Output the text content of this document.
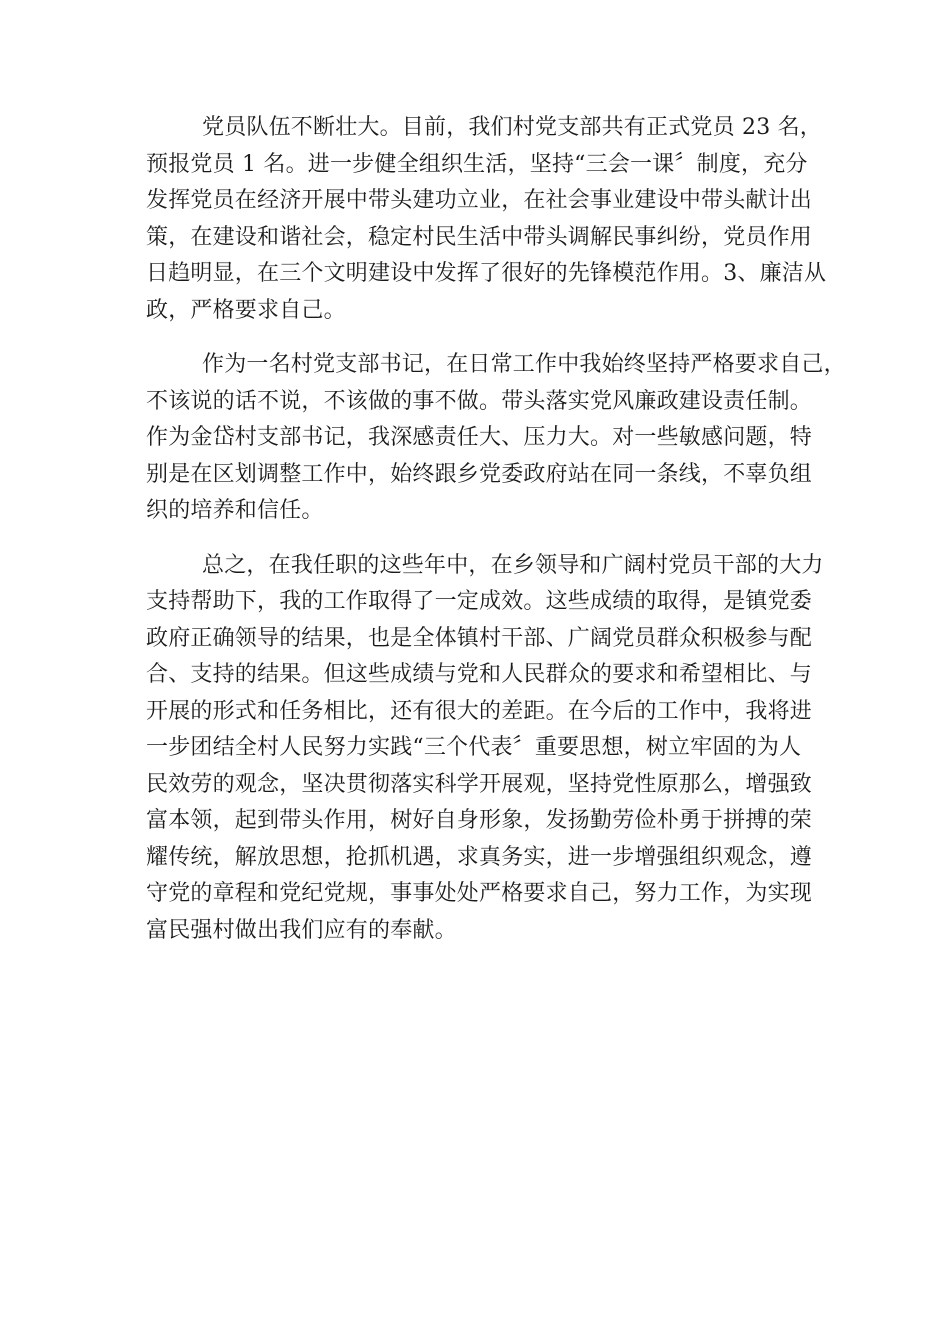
党员队伍不断壮大。目前，我们村党支部共有正式党员 23 名，
预报党员 1 名。进一步健全组织生活，坚持“三会一课〞制度，充分
发挥党员在经济开展中带头建功立业，在社会事业建设中带头献计出
策，在建设和谐社会，稳定村民生活中带头调解民事纠纷，党员作用
日趋明显，在三个文明建设中发挥了很好的先锋模范作用。3、廉洁从
政，严格要求自己。
作为一名村党支部书记，在日常工作中我始终坚持严格要求自己，
不该说的话不说，不该做的事不做。带头落实党风廉政建设责任制。
作为金岱村支部书记，我深感责任大、压力大。对一些敏感问题，特
别是在区划调整工作中，始终跟乡党委政府站在同一条线，不辜负组
织的培养和信任。
总之，在我任职的这些年中，在乡领导和广阔村党员干部的大力
支持帮助下，我的工作取得了一定成效。这些成绩的取得，是镇党委
政府正确领导的结果，也是全体镇村干部、广阔党员群众积极参与配
合、支持的结果。但这些成绩与党和人民群众的要求和希望相比、与
开展的形式和任务相比，还有很大的差距。在今后的工作中，我将进
一步团结全村人民努力实践“三个代表〞重要思想，树立牢固的为人
民效劳的观念，坚决贯彻落实科学开展观，坚持党性原那么，增强致
富本领，起到带头作用，树好自身形象，发扬勤劳俭朴勇于拼搏的荣
耀传统，解放思想，抢抓机遇，求真务实，进一步增强组织观念，遵
守党的章程和党纪党规，事事处处严格要求自己，努力工作，为实现
富民强村做出我们应有的奉献。
